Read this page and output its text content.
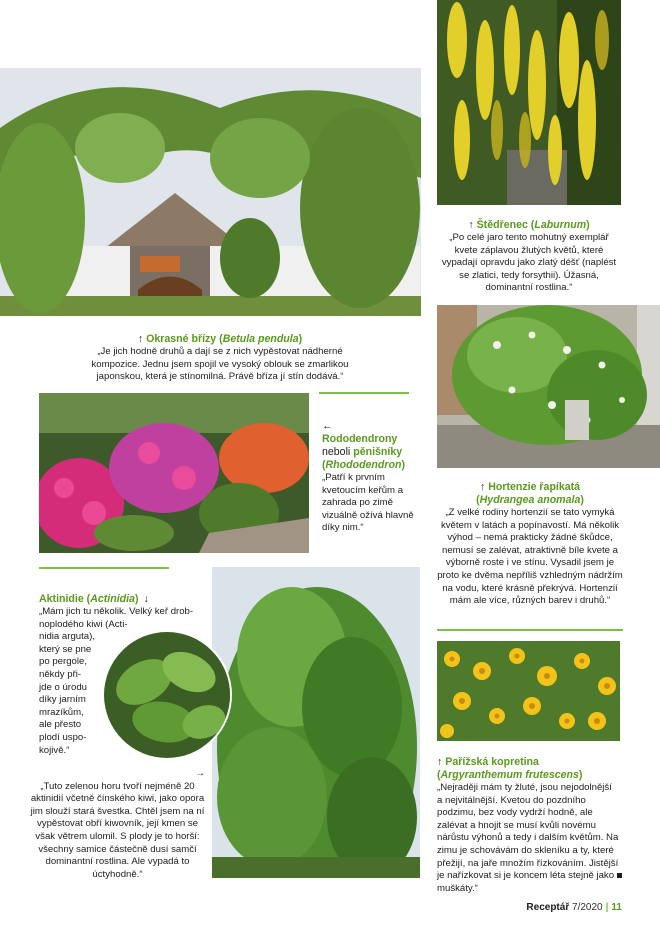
↑ Štědřenec (Laburnum)

„Po celé jaro tento mohutný exemplář kvete záplavou žlutých květů, které vypadají opravdu jako zlatý déšť (naplést se zlatici, tedy forsythii). Úžasná, dominantní rostlina.“

↑ Okrasné břízy (Betula pendula)

„Je jich hodně druhů a dají se z nich vypěstovat nádherné kompozice. Jednu jsem spojil ve vysoký oblouk se zmarlikou japonskou, která je stínomilná. Právě bříza jí stín dodává.“

←
Rododendrony
neboli pěnišníky
(Rhododendron)

„Patří k prvním kvetoucím keřům a zahrada po zimě vizuálně ožívá hlavně díky nim.“

↑ Hortenzie řapíkatá
(Hydrangea anomala)

„Z velké rodiny hortenzií se tato vymyká květem v latách a popínavostí. Má několik výhod – nemá prakticky žádné škůdce, nemusí se zalévat, atraktivně bíle kvete a výborně roste i ve stínu. Vysadil jsem je proto ke dvěma nepříliš vzhledným nádržím na vodu, které krásně překrývá. Hortenzií mám ale více, různých barev i druhů.“

Aktinidie (Actinidia) ↓
„Mám jich tu několik. Velký keř drob-
noplodého kiwi (Acti-
nidia arguta),
který se pne
po pergole,
někdy při-
jde o úrodu
díky jarním
mrazíkům,
ale přesto
plodí uspo-
kojivě.“
→

„Tuto zelenou horu tvoří nejméně 20 aktinidií včetně čínského kiwi, jako opora jim slouží stará švestka. Chtěl jsem na ní vypěstovat obří kiwovník, její kmen se však větrem ulomil. S plody je to horší: všechny samice částečně dusí samčí dominantní rostlina. Ale vypadá to úctyhodně.“

↑ Pařížská kopretina
(Argyranthemum frutescens)

„Nejraději mám ty žluté, jsou nejodolnější a nejvitálnější. Kvetou do pozdního podzimu, bez vody vydrží hodně, ale zalévat a hnojit se musí kvůli novému nárůstu výhonů a tedy i dalším květům. Na zimu je schovávám do skleníku a ty, které přežijí, na jaře množím řízkováním. Jistější je nařízkovat si je koncem léta stejně jako muškáty.“

Receptář 7/2020 | 11
